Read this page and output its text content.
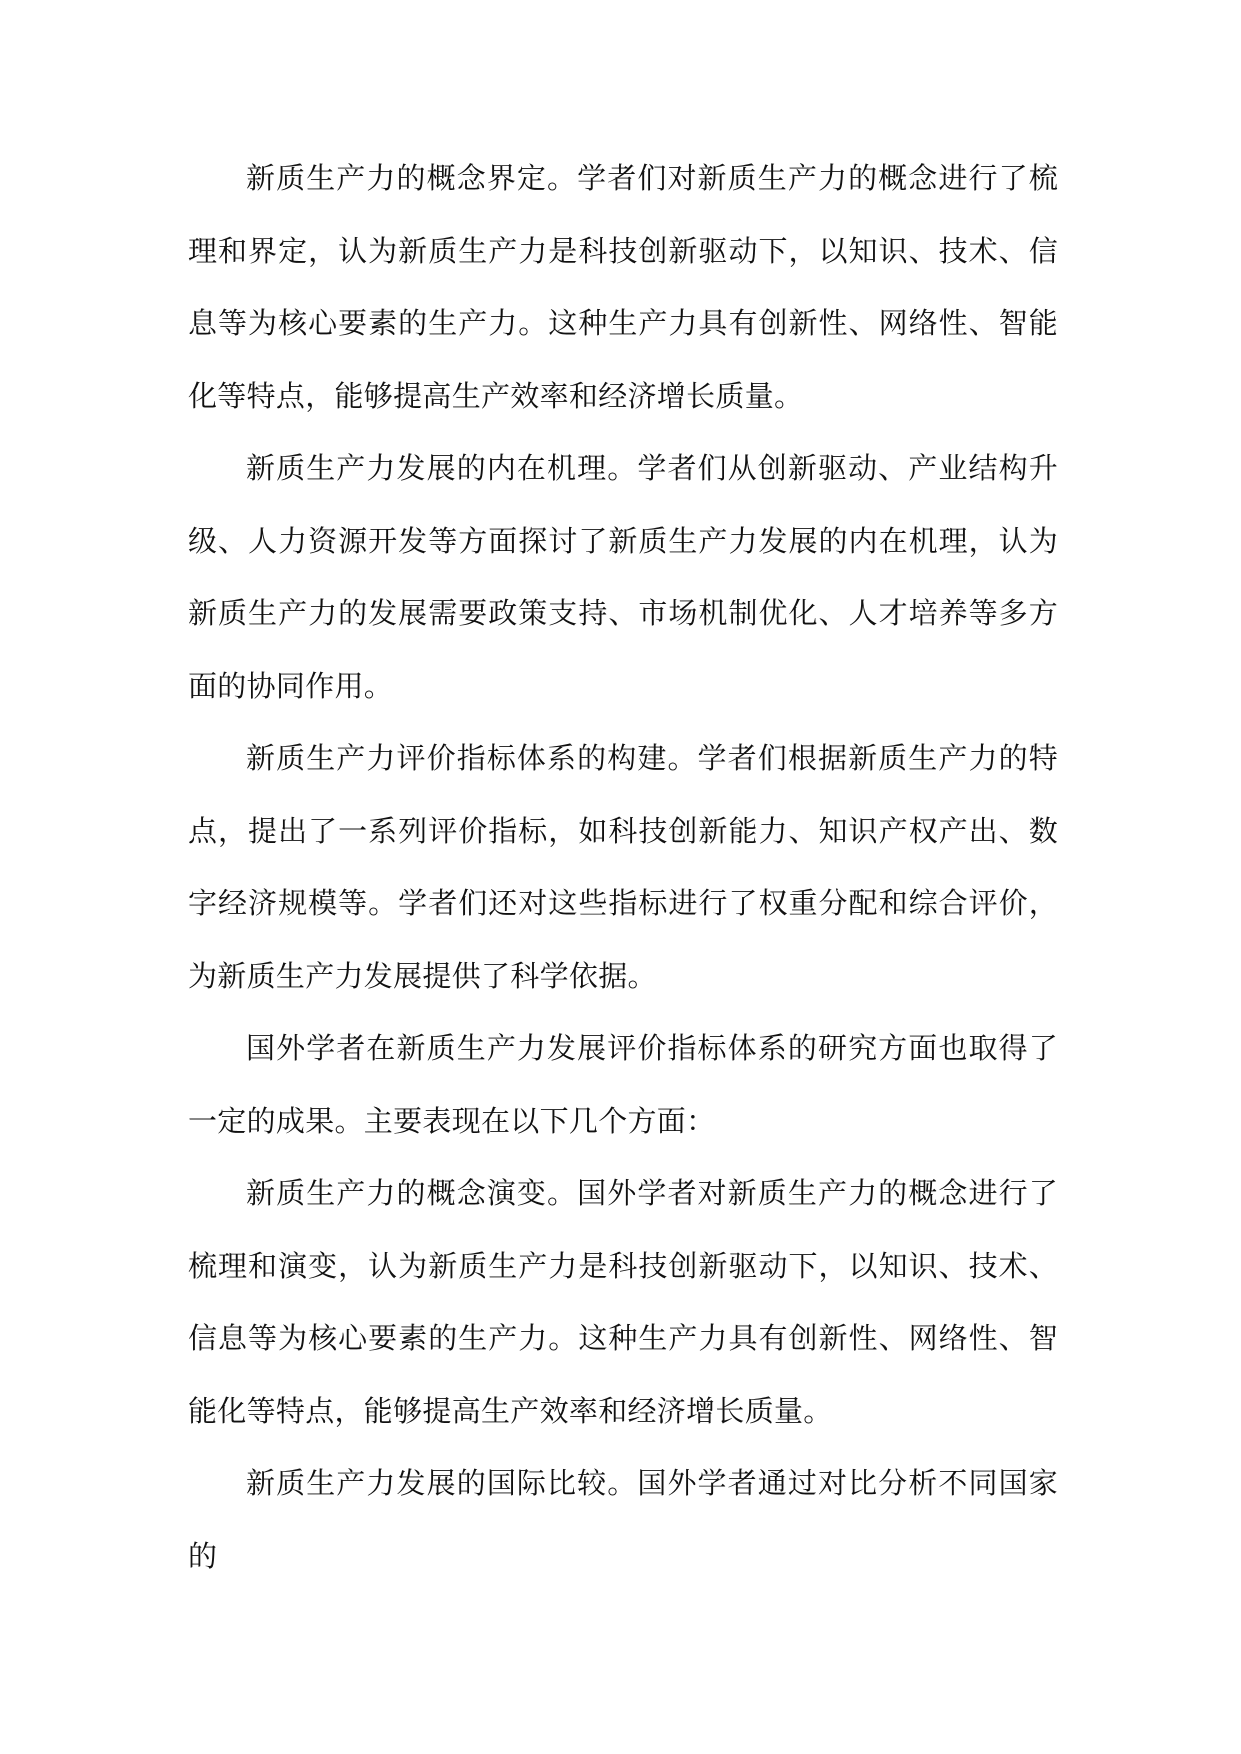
新质生产力的概念界定。学者们对新质生产力的概念进行了梳理和界定，认为新质生产力是科技创新驱动下，以知识、技术、信息等为核心要素的生产力。这种生产力具有创新性、网络性、智能化等特点，能够提高生产效率和经济增长质量。

新质生产力发展的内在机理。学者们从创新驱动、产业结构升级、人力资源开发等方面探讨了新质生产力发展的内在机理，认为新质生产力的发展需要政策支持、市场机制优化、人才培养等多方面的协同作用。

新质生产力评价指标体系的构建。学者们根据新质生产力的特点，提出了一系列评价指标，如科技创新能力、知识产权产出、数字经济规模等。学者们还对这些指标进行了权重分配和综合评价，为新质生产力发展提供了科学依据。

国外学者在新质生产力发展评价指标体系的研究方面也取得了一定的成果。主要表现在以下几个方面：

新质生产力的概念演变。国外学者对新质生产力的概念进行了梳理和演变，认为新质生产力是科技创新驱动下，以知识、技术、信息等为核心要素的生产力。这种生产力具有创新性、网络性、智能化等特点，能够提高生产效率和经济增长质量。

新质生产力发展的国际比较。国外学者通过对比分析不同国家的
